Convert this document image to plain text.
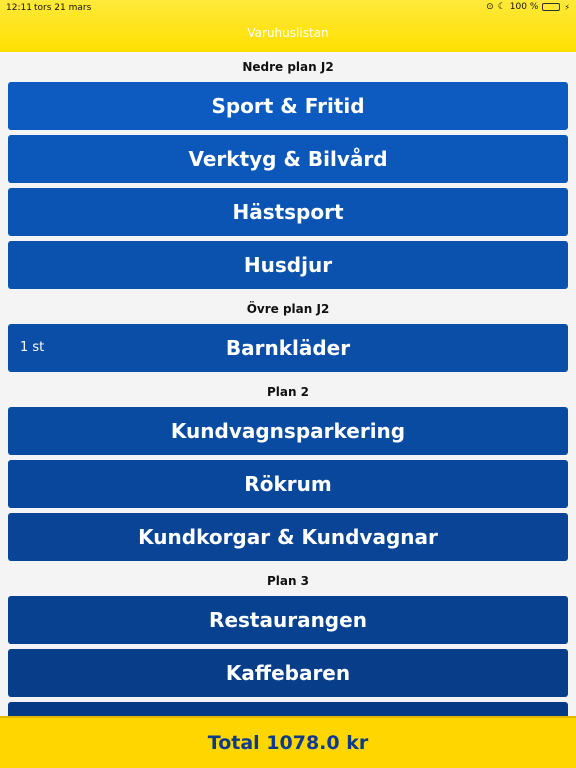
12:11 tors 21 mars	⊙ ☾ 100 %	⚡
Varuhuslistan
Nedre plan J2
Sport & Fritid
Verktyg & Bilvård
Hästsport
Husdjur
Övre plan J2
Barnkläder
1 st
Plan 2
Kundvagnsparkering
Rökrum
Kundkorgar & Kundvagnar
Plan 3
Restaurangen
Kaffebaren
Total 1078.0 kr
